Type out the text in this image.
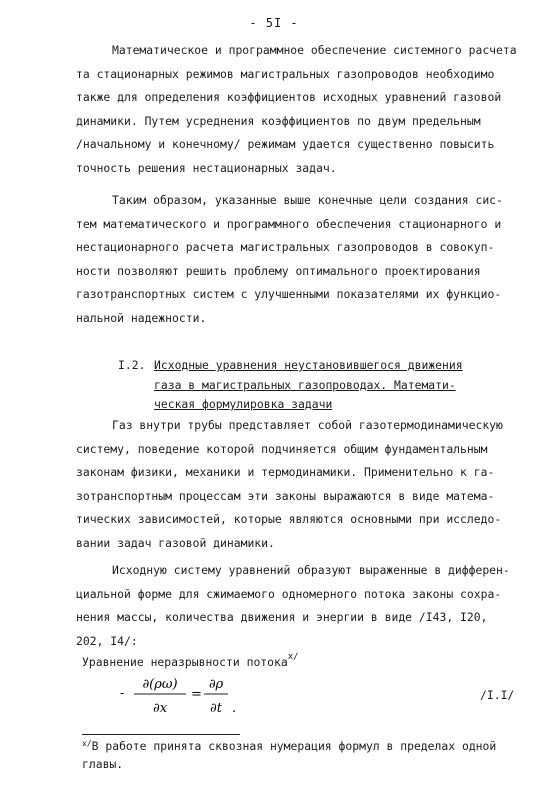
- 5I -
Математическое и программное обеспечение системного расчета
та стационарных режимов магистральных газопроводов необходимо
также для определения коэффициентов исходных уравнений газовой
динамики. Путем усреднения коэффициентов по двум предельным
/начальному и конечному/ режимам удается существенно повысить
точность решения нестационарных задач.
Таким образом, указанные выше конечные цели создания сис-
тем математического и программного обеспечения стационарного и
нестационарного расчета магистральных газопроводов в совокуп-
ности позволяют решить проблему оптимального проектирования
газотранспортных систем с улучшенными показателями их функцио-
нальной надежности.
I.2. Исходные уравнения неустановившегося движения
газа в магистральных газопроводах. Математи-
ческая формулировка задачи
Газ внутри трубы представляет собой газотермодинамическую
систему, поведение которой подчиняется общим фундаментальным
законам физики, механики и термодинамики. Применительно к га-
зотранспортным процессам эти законы выражаются в виде матема-
тических зависимостей, которые являются основными при исследо-
вании задач газовой динамики.
Исходную систему уравнений образуют выраженные в дифферен-
циальной форме для сжимаемого одномерного потока законы сохра-
нения массы, количества движения и энергии в виде /I43, I20,
202, I4/:
Уравнение неразрывности потока$^{x/}$
-
∂(ρω)
∂x
=
∂ρ
∂t .
/I.I/
$^{x/}$В работе принята сквозная нумерация формул в пределах одной
главы.
